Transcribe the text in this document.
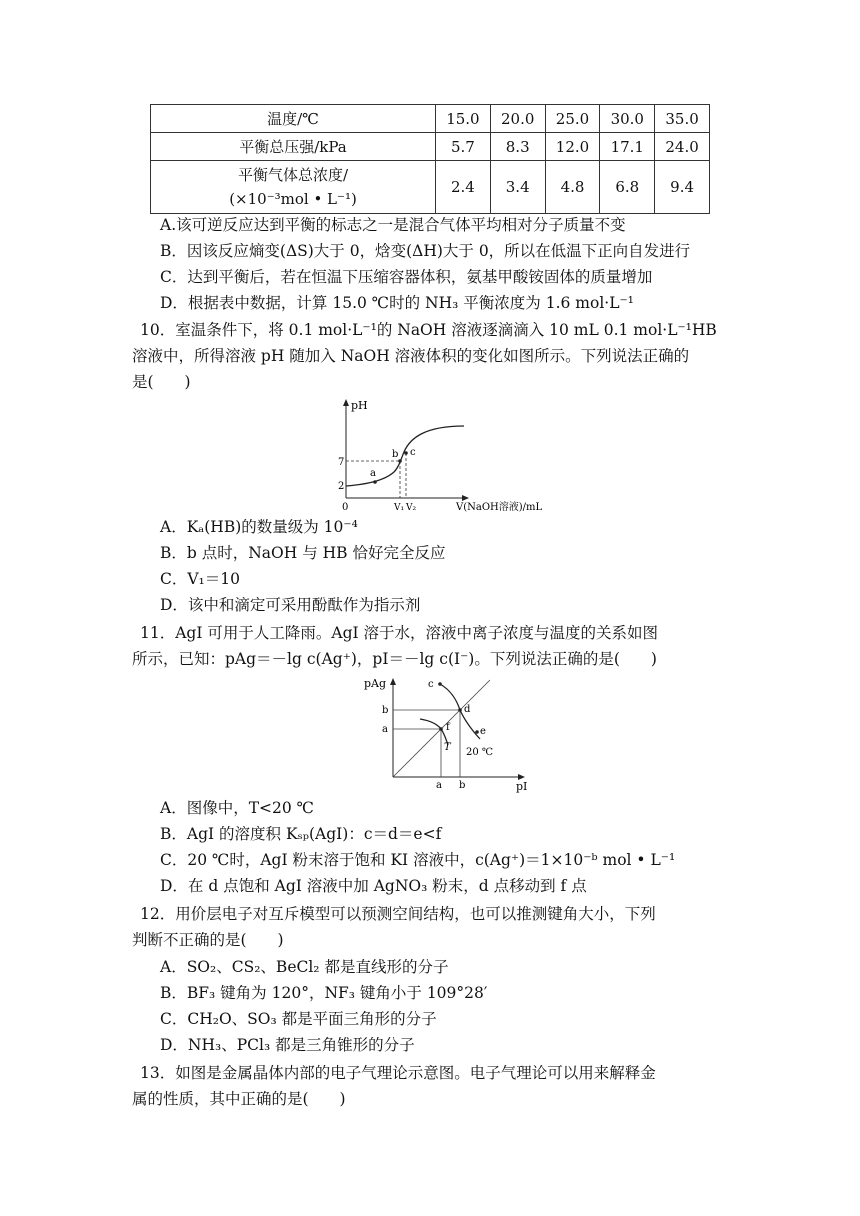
温度/℃	15.0	20.0	25.0	30.0	35.0
平衡总压强/kPa	5.7	8.3	12.0	17.1	24.0

平衡气体总浓度/
(×10⁻³mol • L⁻¹)	2.4	3.4	4.8	6.8	9.4
A.该可逆反应达到平衡的标志之一是混合气体平均相对分子质量不变
B．因该反应熵变(ΔS)大于 0，焓变(ΔH)大于 0，所以在低温下正向自发进行
C．达到平衡后，若在恒温下压缩容器体积，氨基甲酸铵固体的质量增加
D．根据表中数据，计算 15.0 ℃时的 NH₃ 平衡浓度为 1.6 mol·L⁻¹
10．室温条件下，将 0.1 mol·L⁻¹的 NaOH 溶液逐滴滴入 10 mL 0.1 mol·L⁻¹HB
溶液中，所得溶液 pH 随加入 NaOH 溶液体积的变化如图所示。下列说法正确的
是(　　)
pH
V(NaOH溶液)/mL
0
7
2
a
b c
V₁ V₂
A．Kₐ(HB)的数量级为 10⁻⁴
B．b 点时，NaOH 与 HB 恰好完全反应
C．V₁＝10
D．该中和滴定可采用酚酞作为指示剂
11．AgI 可用于人工降雨。AgI 溶于水，溶液中离子浓度与温度的关系如图
所示，已知：pAg＝－lg c(Ag⁺)，pI＝－lg c(I⁻)。下列说法正确的是(　　)
pAg
pI
b
a
a b
c
d
e
f
T 20 ℃
A．图像中，T<20 ℃
B．AgI 的溶度积 Kₛₚ(AgI)：c＝d＝e<f
C．20 ℃时，AgI 粉末溶于饱和 KI 溶液中，c(Ag⁺)＝1×10⁻ᵇ mol • L⁻¹
D．在 d 点饱和 AgI 溶液中加 AgNO₃ 粉末，d 点移动到 f 点
12．用价层电子对互斥模型可以预测空间结构，也可以推测键角大小，下列
判断不正确的是(　　)
A．SO₂、CS₂、BeCl₂ 都是直线形的分子
B．BF₃ 键角为 120°，NF₃ 键角小于 109°28′
C．CH₂O、SO₃ 都是平面三角形的分子
D．NH₃、PCl₃ 都是三角锥形的分子
13．如图是金属晶体内部的电子气理论示意图。电子气理论可以用来解释金
属的性质，其中正确的是(　　)
